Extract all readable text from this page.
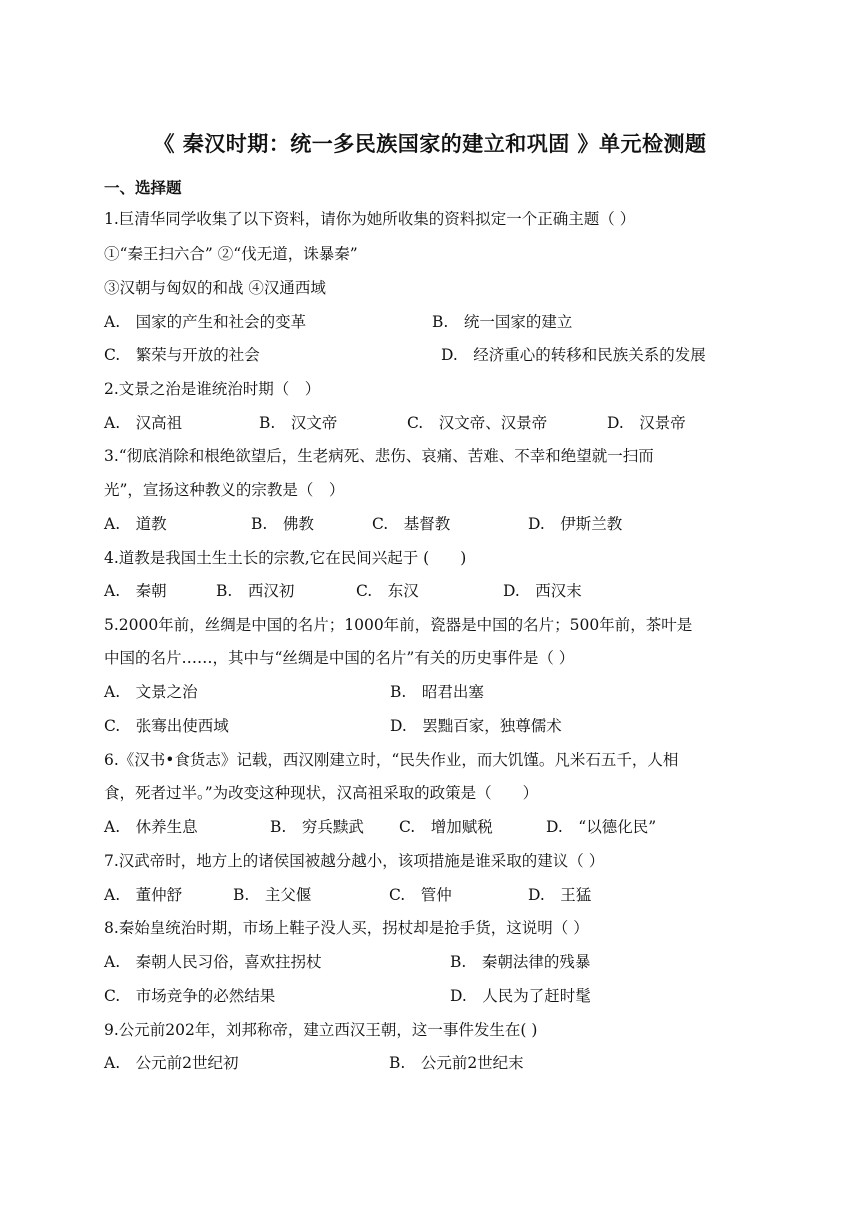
《 秦汉时期：统一多民族国家的建立和巩固 》单元检测题
一、选择题
1.巨清华同学收集了以下资料，请你为她所收集的资料拟定一个正确主题（ ）
①“秦王扫六合” ②“伐无道，诛暴秦”
③汉朝与匈奴的和战 ④汉通西域
A.　国家的产生和社会的变革	B.　统一国家的建立
C.　繁荣与开放的社会	D.　经济重心的转移和民族关系的发展
2.文景之治是谁统治时期（　）
A.　汉高祖	B.　汉文帝	C.　汉文帝、汉景帝	D.　汉景帝
3.“彻底消除和根绝欲望后，生老病死、悲伤、哀痛、苦难、不幸和绝望就一扫而
光”，宣扬这种教义的宗教是（　）
A.　道教	B.　佛教	C.　基督教	D.　伊斯兰教
4.道教是我国土生土长的宗教,它在民间兴起于 (　　)
A.　秦朝	B.　西汉初	C.　东汉	D.　西汉末
5.2000年前，丝绸是中国的名片；1000年前，瓷器是中国的名片；500年前，茶叶是
中国的名片……，其中与“丝绸是中国的名片”有关的历史事件是（ ）
A.　文景之治	B.　昭君出塞
C.　张骞出使西域	D.　罢黜百家，独尊儒术
6.《汉书•食货志》记载，西汉刚建立时，“民失作业，而大饥馑。凡米石五千，人相
食，死者过半。”为改变这种现状，汉高祖采取的政策是（　　）
A.　休养生息	B.　穷兵黩武 C.　增加赋税	D.　“以德化民”
7.汉武帝时，地方上的诸侯国被越分越小，该项措施是谁采取的建议（ ）
A.　董仲舒	B.　主父偃	C.　管仲	D.　王猛
8.秦始皇统治时期，市场上鞋子没人买，拐杖却是抢手货，这说明（ ）
A.　秦朝人民习俗，喜欢拄拐杖	B.　秦朝法律的残暴
C.　市场竞争的必然结果	D.　人民为了赶时髦
9.公元前202年，刘邦称帝，建立西汉王朝，这一事件发生在( )
A.　公元前2世纪初	B.　公元前2世纪末
